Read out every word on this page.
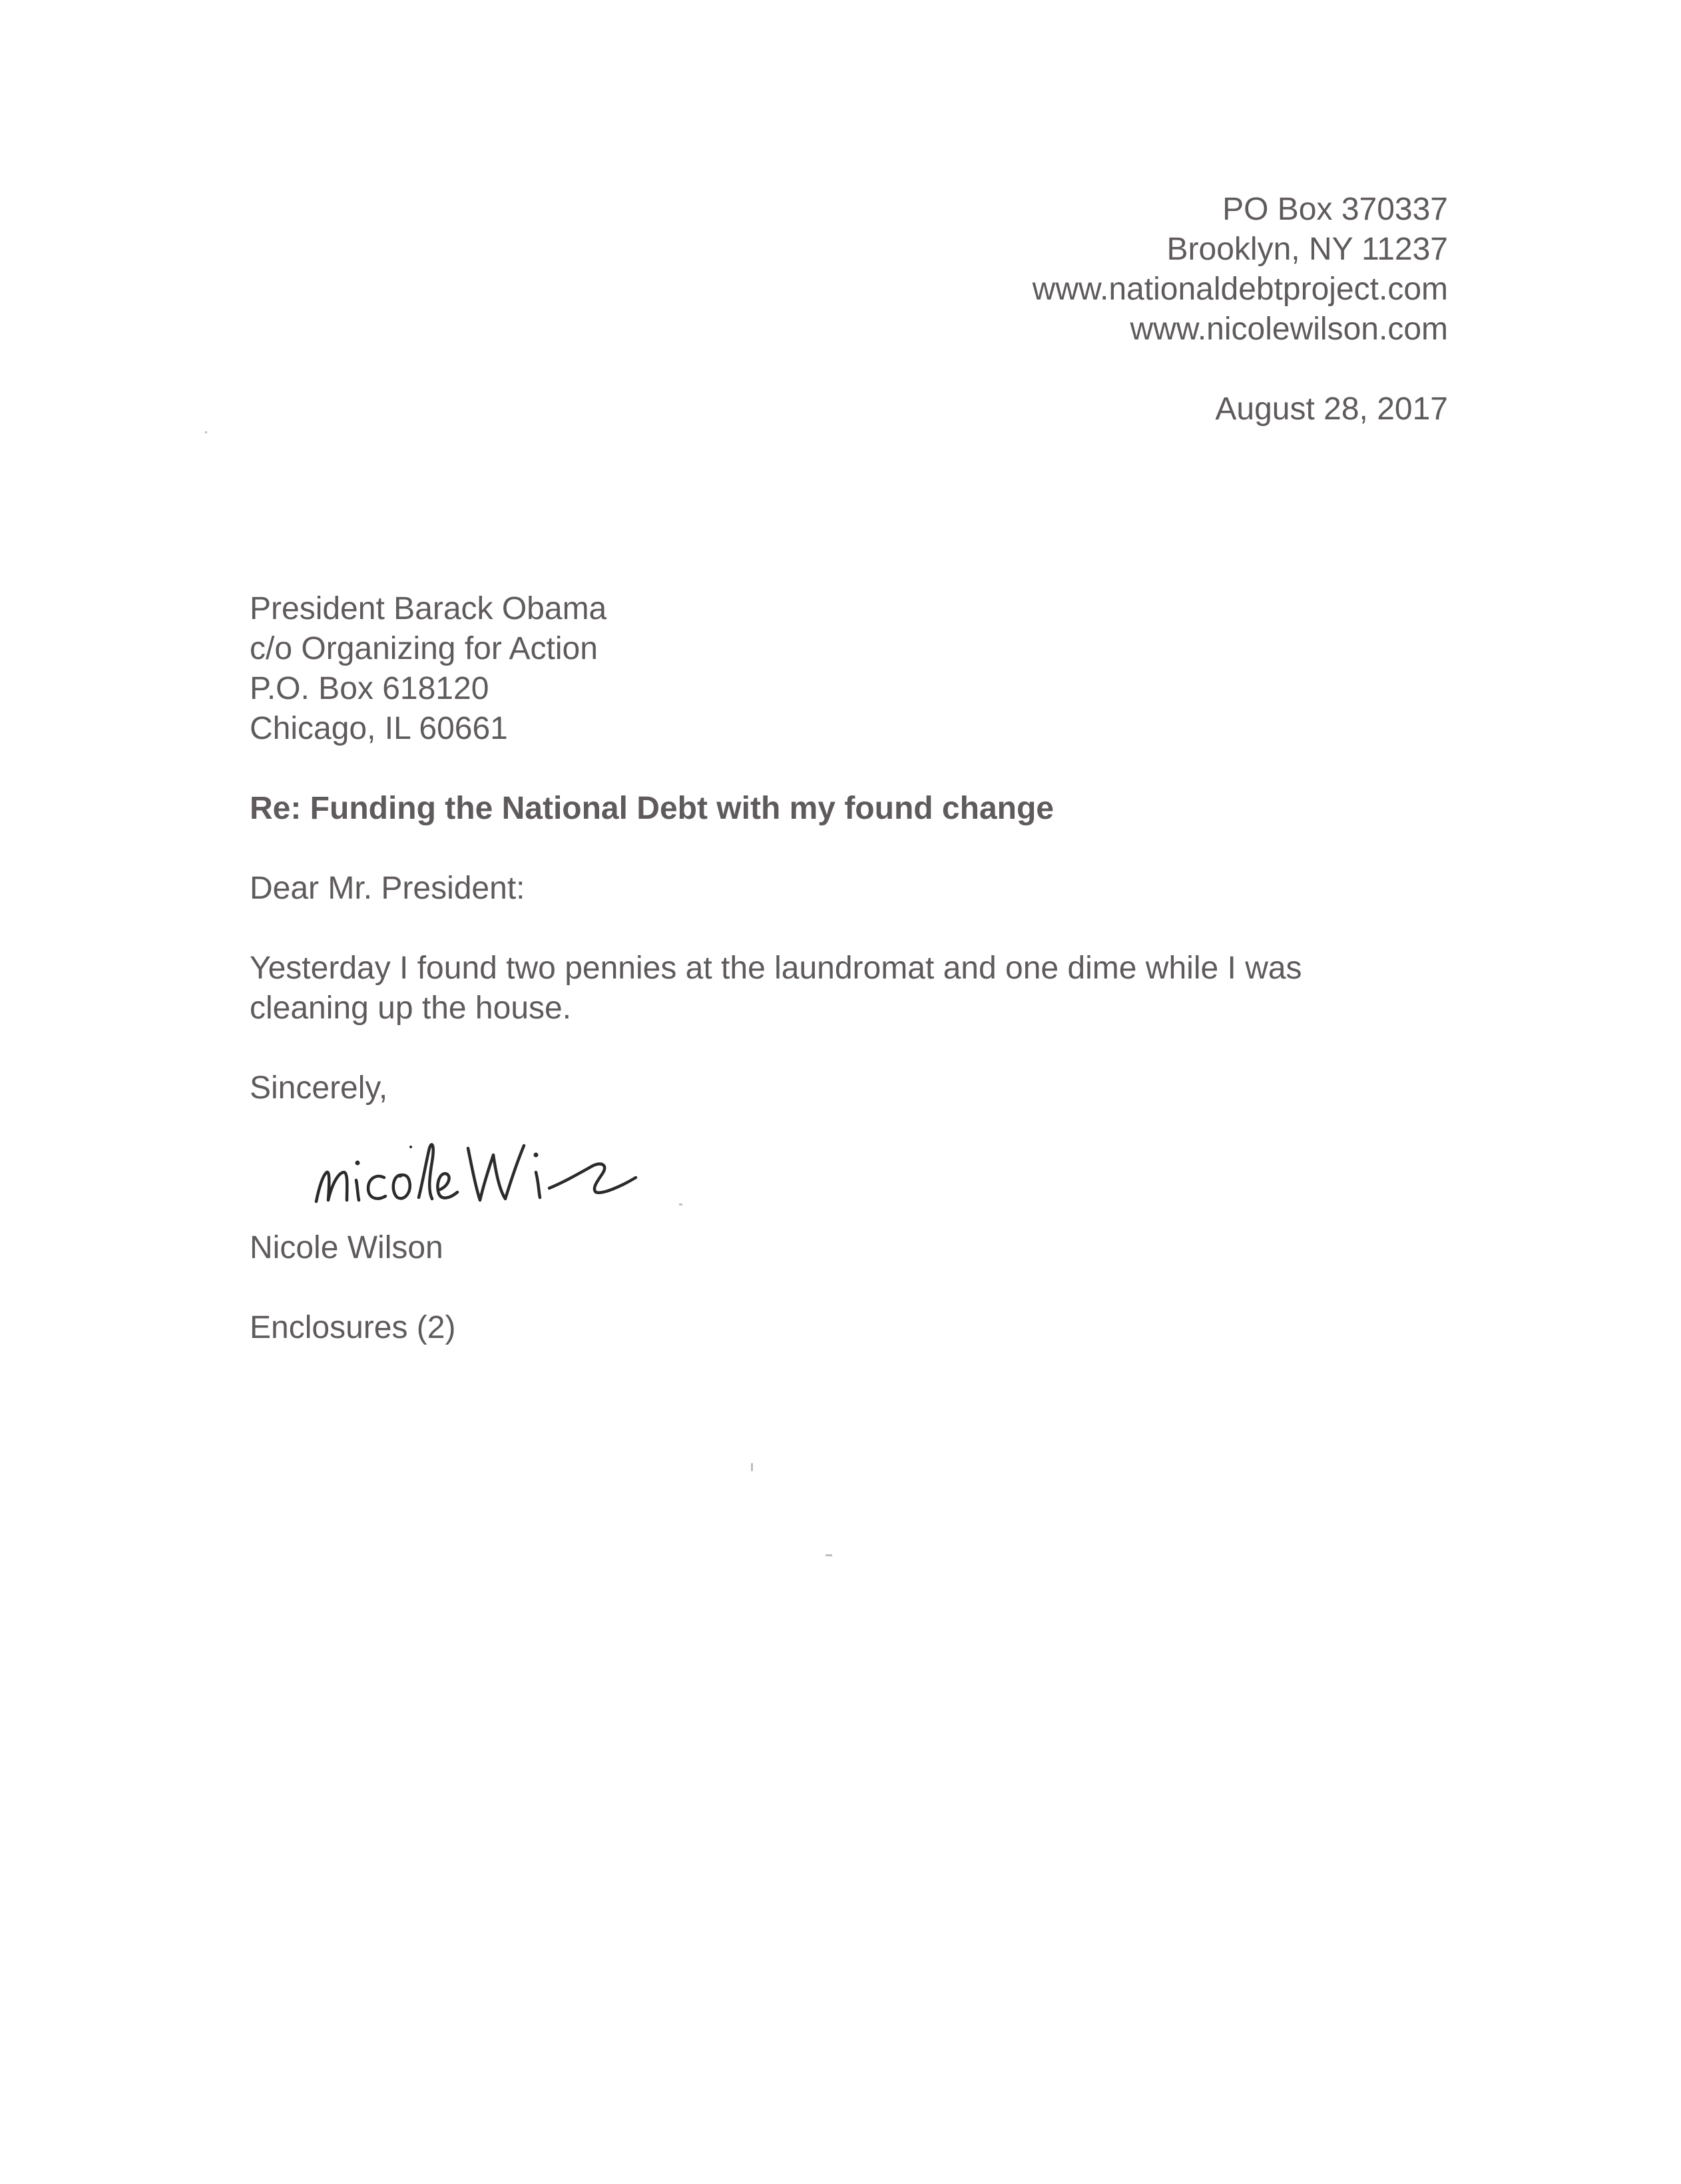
PO Box 370337
Brooklyn, NY 11237
www.nationaldebtproject.com
www.nicolewilson.com
August 28, 2017
President Barack Obama
c/o Organizing for Action
P.O. Box 618120
Chicago, IL 60661
Re: Funding the National Debt with my found change
Dear Mr. President:
Yesterday I found two pennies at the laundromat and one dime while I was
cleaning up the house.
Sincerely,
Nicole Wilson
Enclosures (2)
